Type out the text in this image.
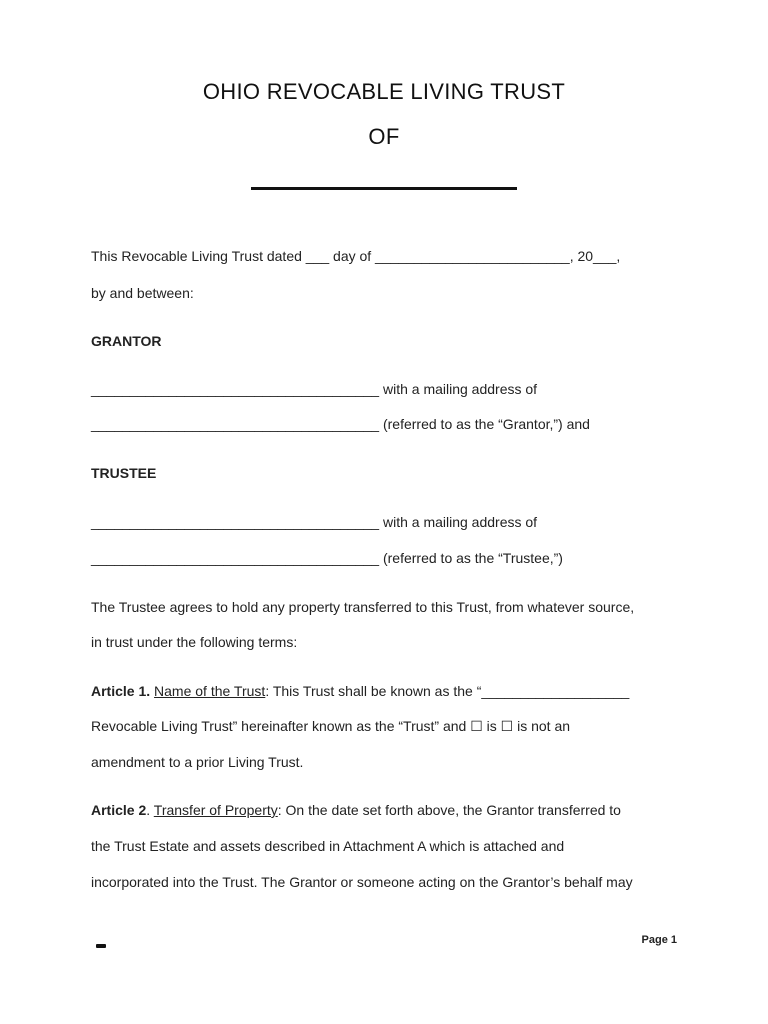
OHIO REVOCABLE LIVING TRUST
OF
This Revocable Living Trust dated ___ day of _________________________, 20___,
by and between:
GRANTOR
_____________________________________ with a mailing address of
_____________________________________ (referred to as the “Grantor,”) and
TRUSTEE
_____________________________________ with a mailing address of
_____________________________________ (referred to as the “Trustee,”)
The Trustee agrees to hold any property transferred to this Trust, from whatever source,
in trust under the following terms:
Article 1. Name of the Trust: This Trust shall be known as the “___________________
Revocable Living Trust” hereinafter known as the “Trust” and ☐ is ☐ is not an
amendment to a prior Living Trust.
Article 2. Transfer of Property: On the date set forth above, the Grantor transferred to
the Trust Estate and assets described in Attachment A which is attached and
incorporated into the Trust. The Grantor or someone acting on the Grantor’s behalf may
Page 1
